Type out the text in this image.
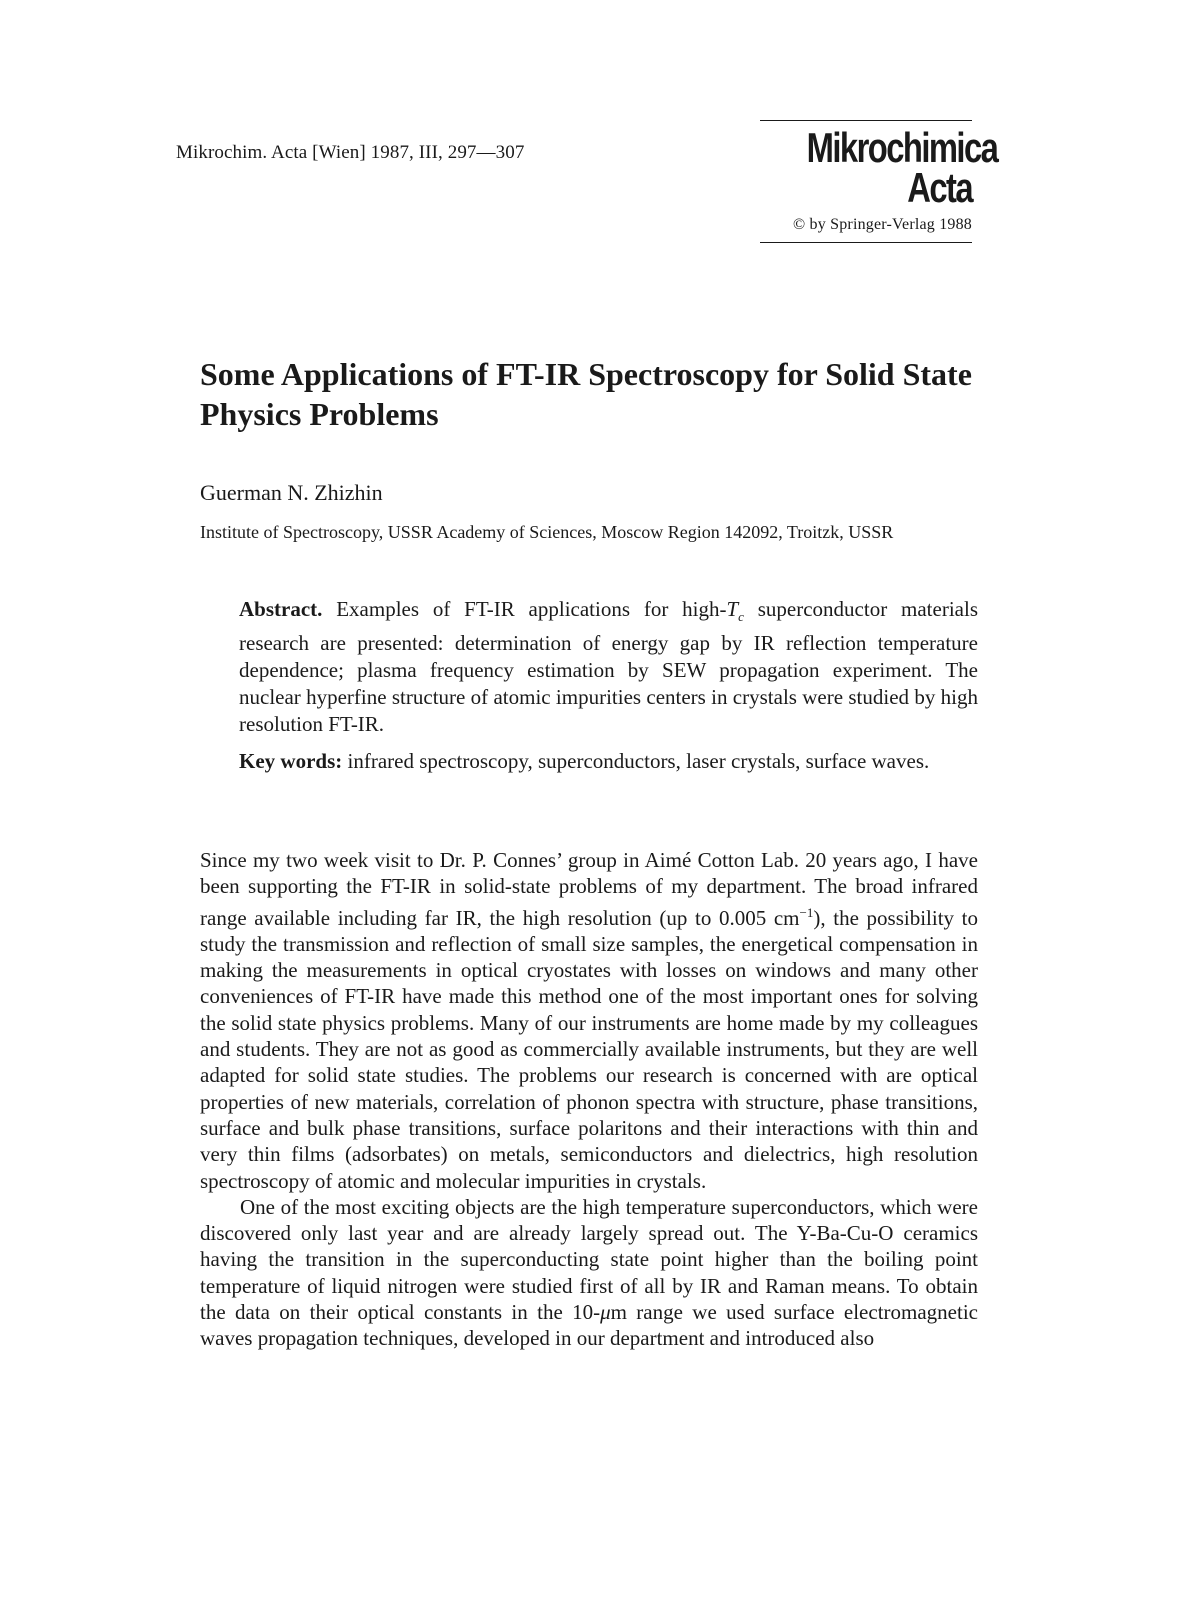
Mikrochim. Acta [Wien] 1987, III, 297—307	Mikrochimica
Acta
© by Springer-Verlag 1988
Some Applications of FT-IR Spectroscopy for Solid State Physics Problems
Guerman N. Zhizhin
Institute of Spectroscopy, USSR Academy of Sciences, Moscow Region 142092, Troitzk, USSR

Abstract. Examples of FT-IR applications for high-$T_c$ superconductor materials research are presented: determination of energy gap by IR reflection temperature dependence; plasma frequency estimation by SEW propagation experiment. The nuclear hyperfine structure of atomic impurities centers in crystals were studied by high resolution FT-IR.

Key words: infrared spectroscopy, superconductors, laser crystals, surface waves.

Since my two week visit to Dr. P. Connes’ group in Aimé Cotton Lab. 20 years ago, I have been supporting the FT-IR in solid-state problems of my department. The broad infrared range available including far IR, the high resolution (up to 0.005 $cm^{-1}$), the possibility to study the transmission and reflection of small size samples, the energetical compensation in making the measurements in optical cryostates with losses on windows and many other conveniences of FT-IR have made this method one of the most important ones for solving the solid state physics problems. Many of our instruments are home made by my colleagues and students. They are not as good as commercially available instruments, but they are well adapted for solid state studies. The problems our research is concerned with are optical properties of new materials, correlation of phonon spectra with structure, phase transitions, surface and bulk phase transitions, surface polaritons and their interactions with thin and very thin films (adsorbates) on metals, semiconductors and dielectrics, high resolution spectroscopy of atomic and molecular impurities in crystals.

One of the most exciting objects are the high temperature superconductors, which were discovered only last year and are already largely spread out. The Y-Ba-Cu-O ceramics having the transition in the superconducting state point higher than the boiling point temperature of liquid nitrogen were studied first of all by IR and Raman means. To obtain the data on their optical constants in the 10-μm range we used surface electromagnetic waves propagation techniques, developed in our department and introduced also
